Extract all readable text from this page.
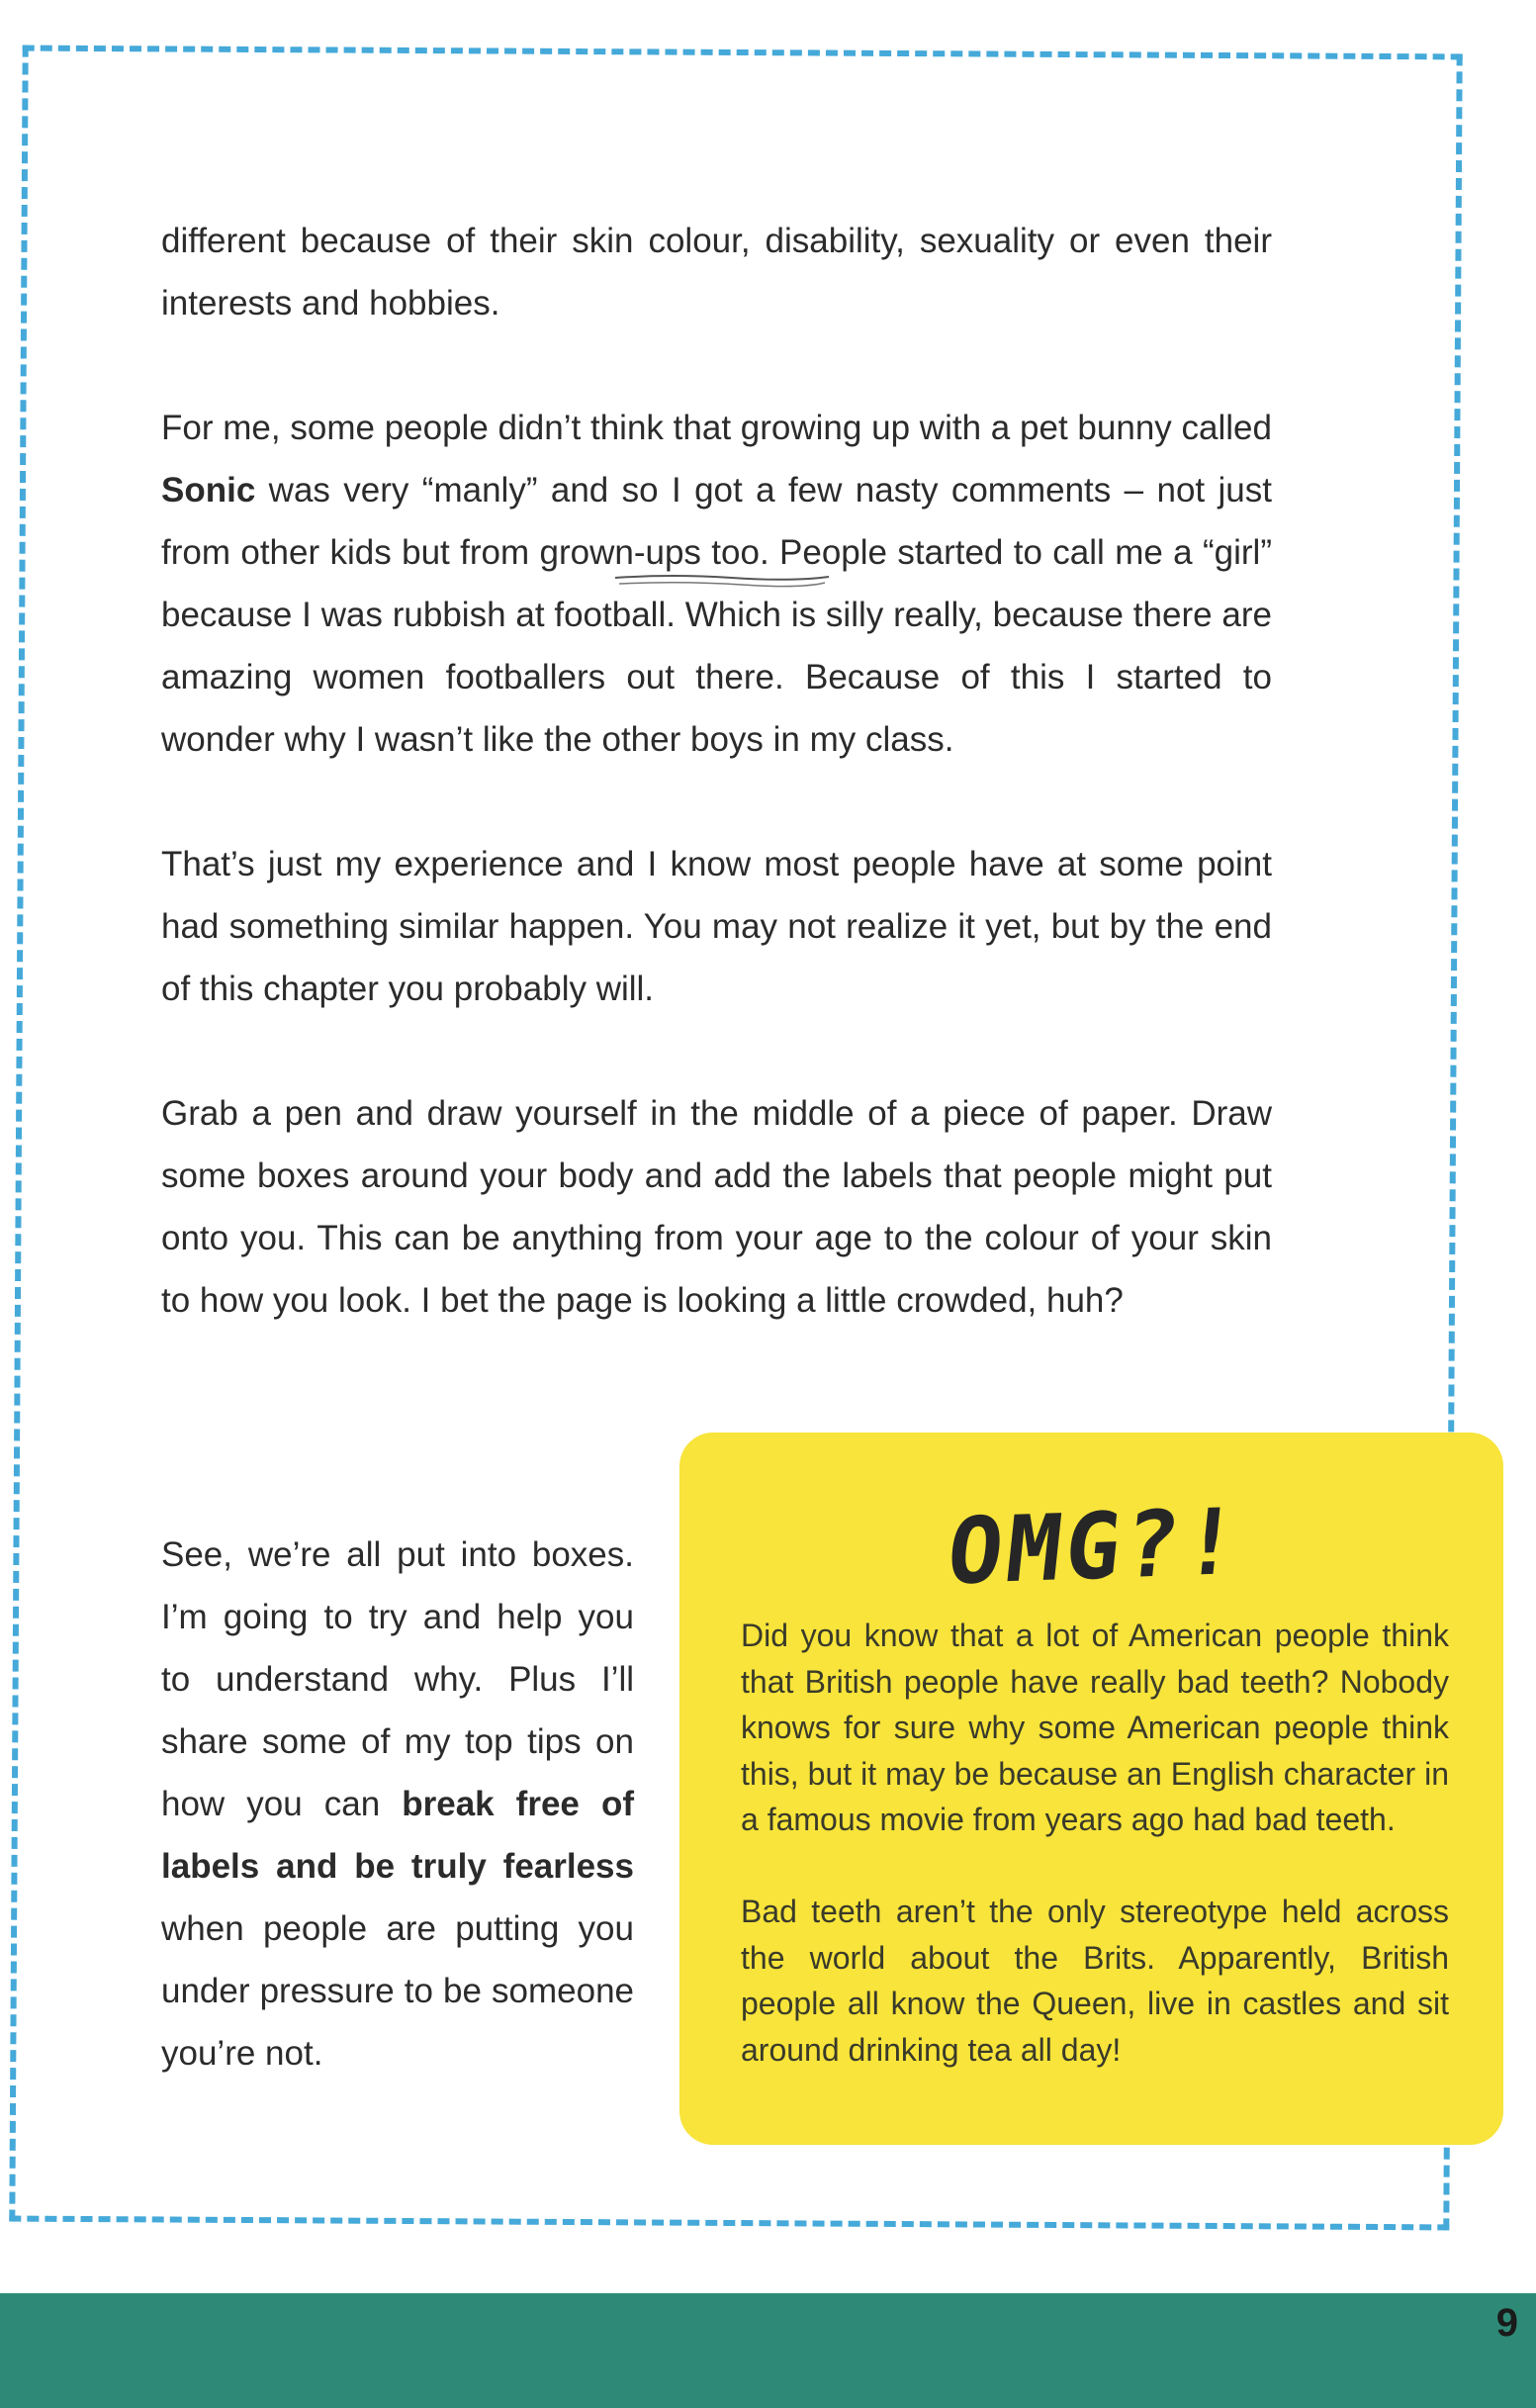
different because of their skin colour, disability, sexuality or even their interests and hobbies.

For me, some people didn’t think that growing up with a pet bunny called Sonic was very “manly” and so I got a few nasty comments – not just from other kids but from grown-ups too. People started to call me a “girl” because I was rubbish at football. Which is silly really, because there are amazing women footballers out there. Because of this I started to wonder why I wasn’t like the other boys in my class.

That’s just my experience and I know most people have at some point had something similar happen. You may not realize it yet, but by the end of this chapter you probably will.

Grab a pen and draw yourself in the middle of a piece of paper. Draw some boxes around your body and add the labels that people might put onto you. This can be anything from your age to the colour of your skin to how you look. I bet the page is looking a little crowded, huh?

See, we’re all put into boxes. I’m going to try and help you to understand why. Plus I’ll share some of my top tips on how you can break free of labels and be truly fearless when people are putting you under pressure to be someone you’re not.

OMG?!

Did you know that a lot of American people think that British people have really bad teeth? Nobody knows for sure why some American people think this, but it may be because an English character in a famous movie from years ago had bad teeth.

Bad teeth aren’t the only stereotype held across the world about the Brits. Apparently, British people all know the Queen, live in castles and sit around drinking tea all day!

9
